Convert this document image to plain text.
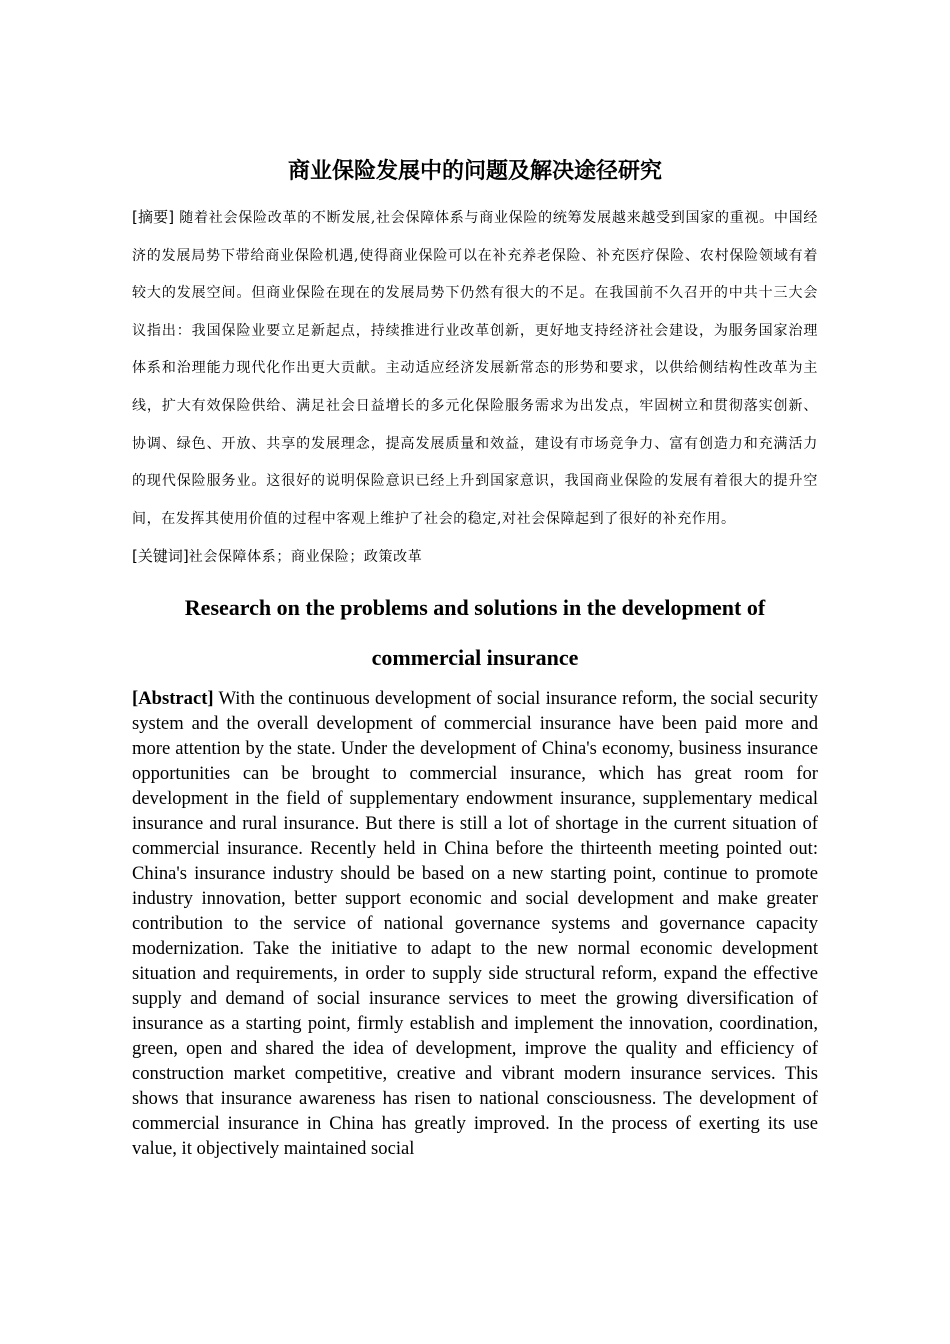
商业保险发展中的问题及解决途径研究

[摘要] 随着社会保险改革的不断发展,社会保障体系与商业保险的统筹发展越来越受到国家的重视。中国经济的发展局势下带给商业保险机遇,使得商业保险可以在补充养老保险、补充医疗保险、农村保险领域有着较大的发展空间。但商业保险在现在的发展局势下仍然有很大的不足。在我国前不久召开的中共十三大会议指出：我国保险业要立足新起点，持续推进行业改革创新，更好地支持经济社会建设，为服务国家治理体系和治理能力现代化作出更大贡献。主动适应经济发展新常态的形势和要求，以供给侧结构性改革为主线，扩大有效保险供给、满足社会日益增长的多元化保险服务需求为出发点，牢固树立和贯彻落实创新、协调、绿色、开放、共享的发展理念，提高发展质量和效益，建设有市场竞争力、富有创造力和充满活力的现代保险服务业。这很好的说明保险意识已经上升到国家意识，我国商业保险的发展有着很大的提升空间，在发挥其使用价值的过程中客观上维护了社会的稳定,对社会保障起到了很好的补充作用。

[关键词]社会保障体系；商业保险；政策改革

Research on the problems and solutions in the development of
commercial insurance

[Abstract] With the continuous development of social insurance reform, the social security system and the overall development of commercial insurance have been paid more and more attention by the state. Under the development of China's economy, business insurance opportunities can be brought to commercial insurance, which has great room for development in the field of supplementary endowment insurance, supplementary medical insurance and rural insurance. But there is still a lot of shortage in the current situation of commercial insurance. Recently held in China before the thirteenth meeting pointed out: China's insurance industry should be based on a new starting point, continue to promote industry innovation, better support economic and social development and make greater contribution to the service of national governance systems and governance capacity modernization. Take the initiative to adapt to the new normal economic development situation and requirements, in order to supply side structural reform, expand the effective supply and demand of social insurance services to meet the growing diversification of insurance as a starting point, firmly establish and implement the innovation, coordination, green, open and shared the idea of development, improve the quality and efficiency of construction market competitive, creative and vibrant modern insurance services. This shows that insurance awareness has risen to national consciousness. The development of commercial insurance in China has greatly improved. In the process of exerting its use value, it objectively maintained social
